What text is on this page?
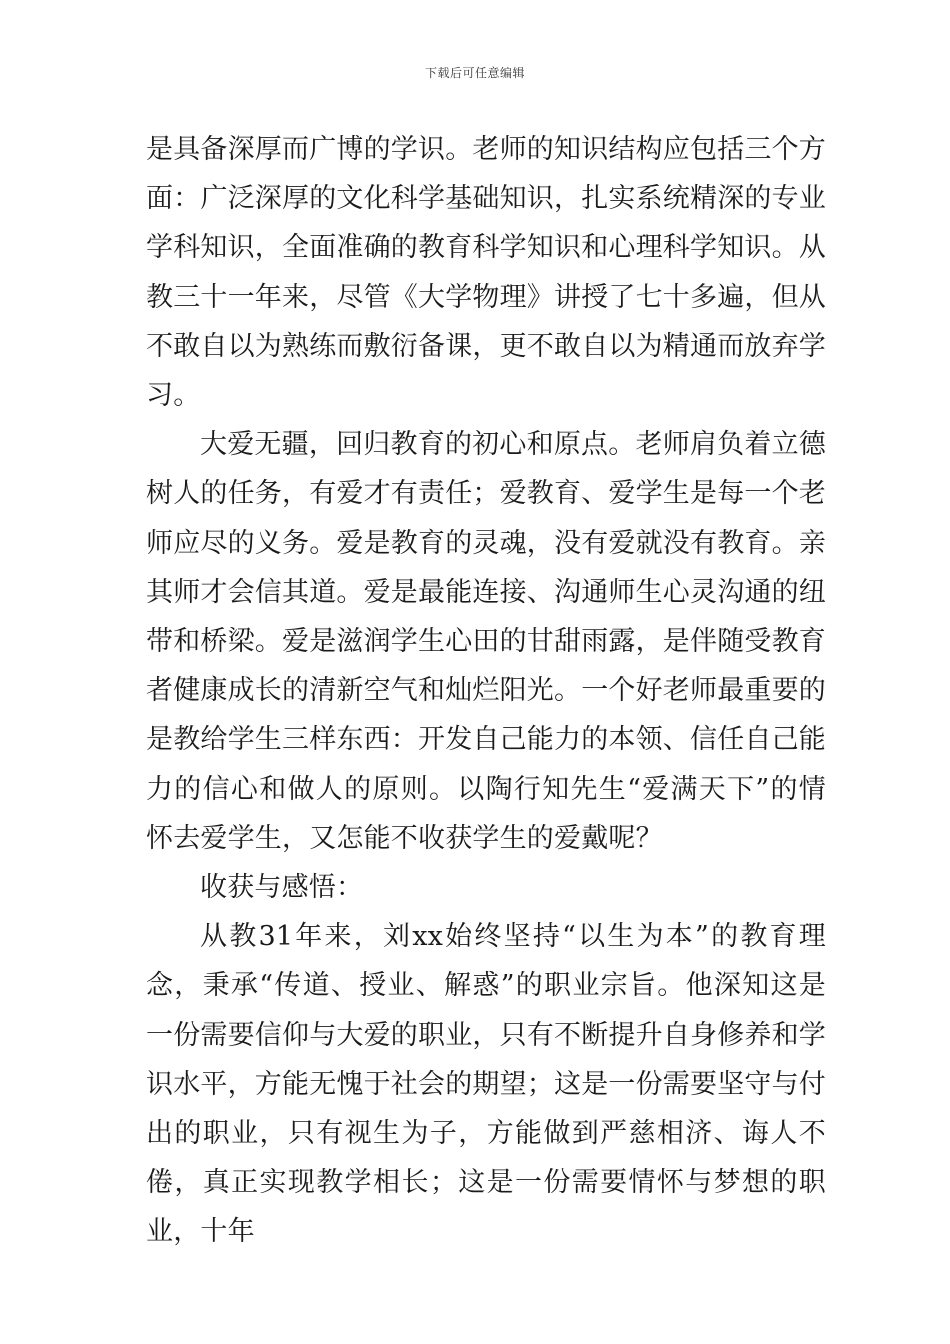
下载后可任意编辑

是具备深厚而广博的学识。老师的知识结构应包括三个方面：广泛深厚的文化科学基础知识，扎实系统精深的专业学科知识，全面准确的教育科学知识和心理科学知识。从教三十一年来，尽管《大学物理》讲授了七十多遍，但从不敢自以为熟练而敷衍备课，更不敢自以为精通而放弃学习。

大爱无疆，回归教育的初心和原点。老师肩负着立德树人的任务，有爱才有责任；爱教育、爱学生是每一个老师应尽的义务。爱是教育的灵魂，没有爱就没有教育。亲其师才会信其道。爱是最能连接、沟通师生心灵沟通的纽带和桥梁。爱是滋润学生心田的甘甜雨露，是伴随受教育者健康成长的清新空气和灿烂阳光。一个好老师最重要的是教给学生三样东西：开发自己能力的本领、信任自己能力的信心和做人的原则。以陶行知先生“爱满天下”的情怀去爱学生，又怎能不收获学生的爱戴呢？

收获与感悟：

从教31年来，刘xx始终坚持“以生为本”的教育理念，秉承“传道、授业、解惑”的职业宗旨。他深知这是一份需要信仰与大爱的职业，只有不断提升自身修养和学识水平，方能无愧于社会的期望；这是一份需要坚守与付出的职业，只有视生为子，方能做到严慈相济、诲人不倦，真正实现教学相长；这是一份需要情怀与梦想的职业，十年
